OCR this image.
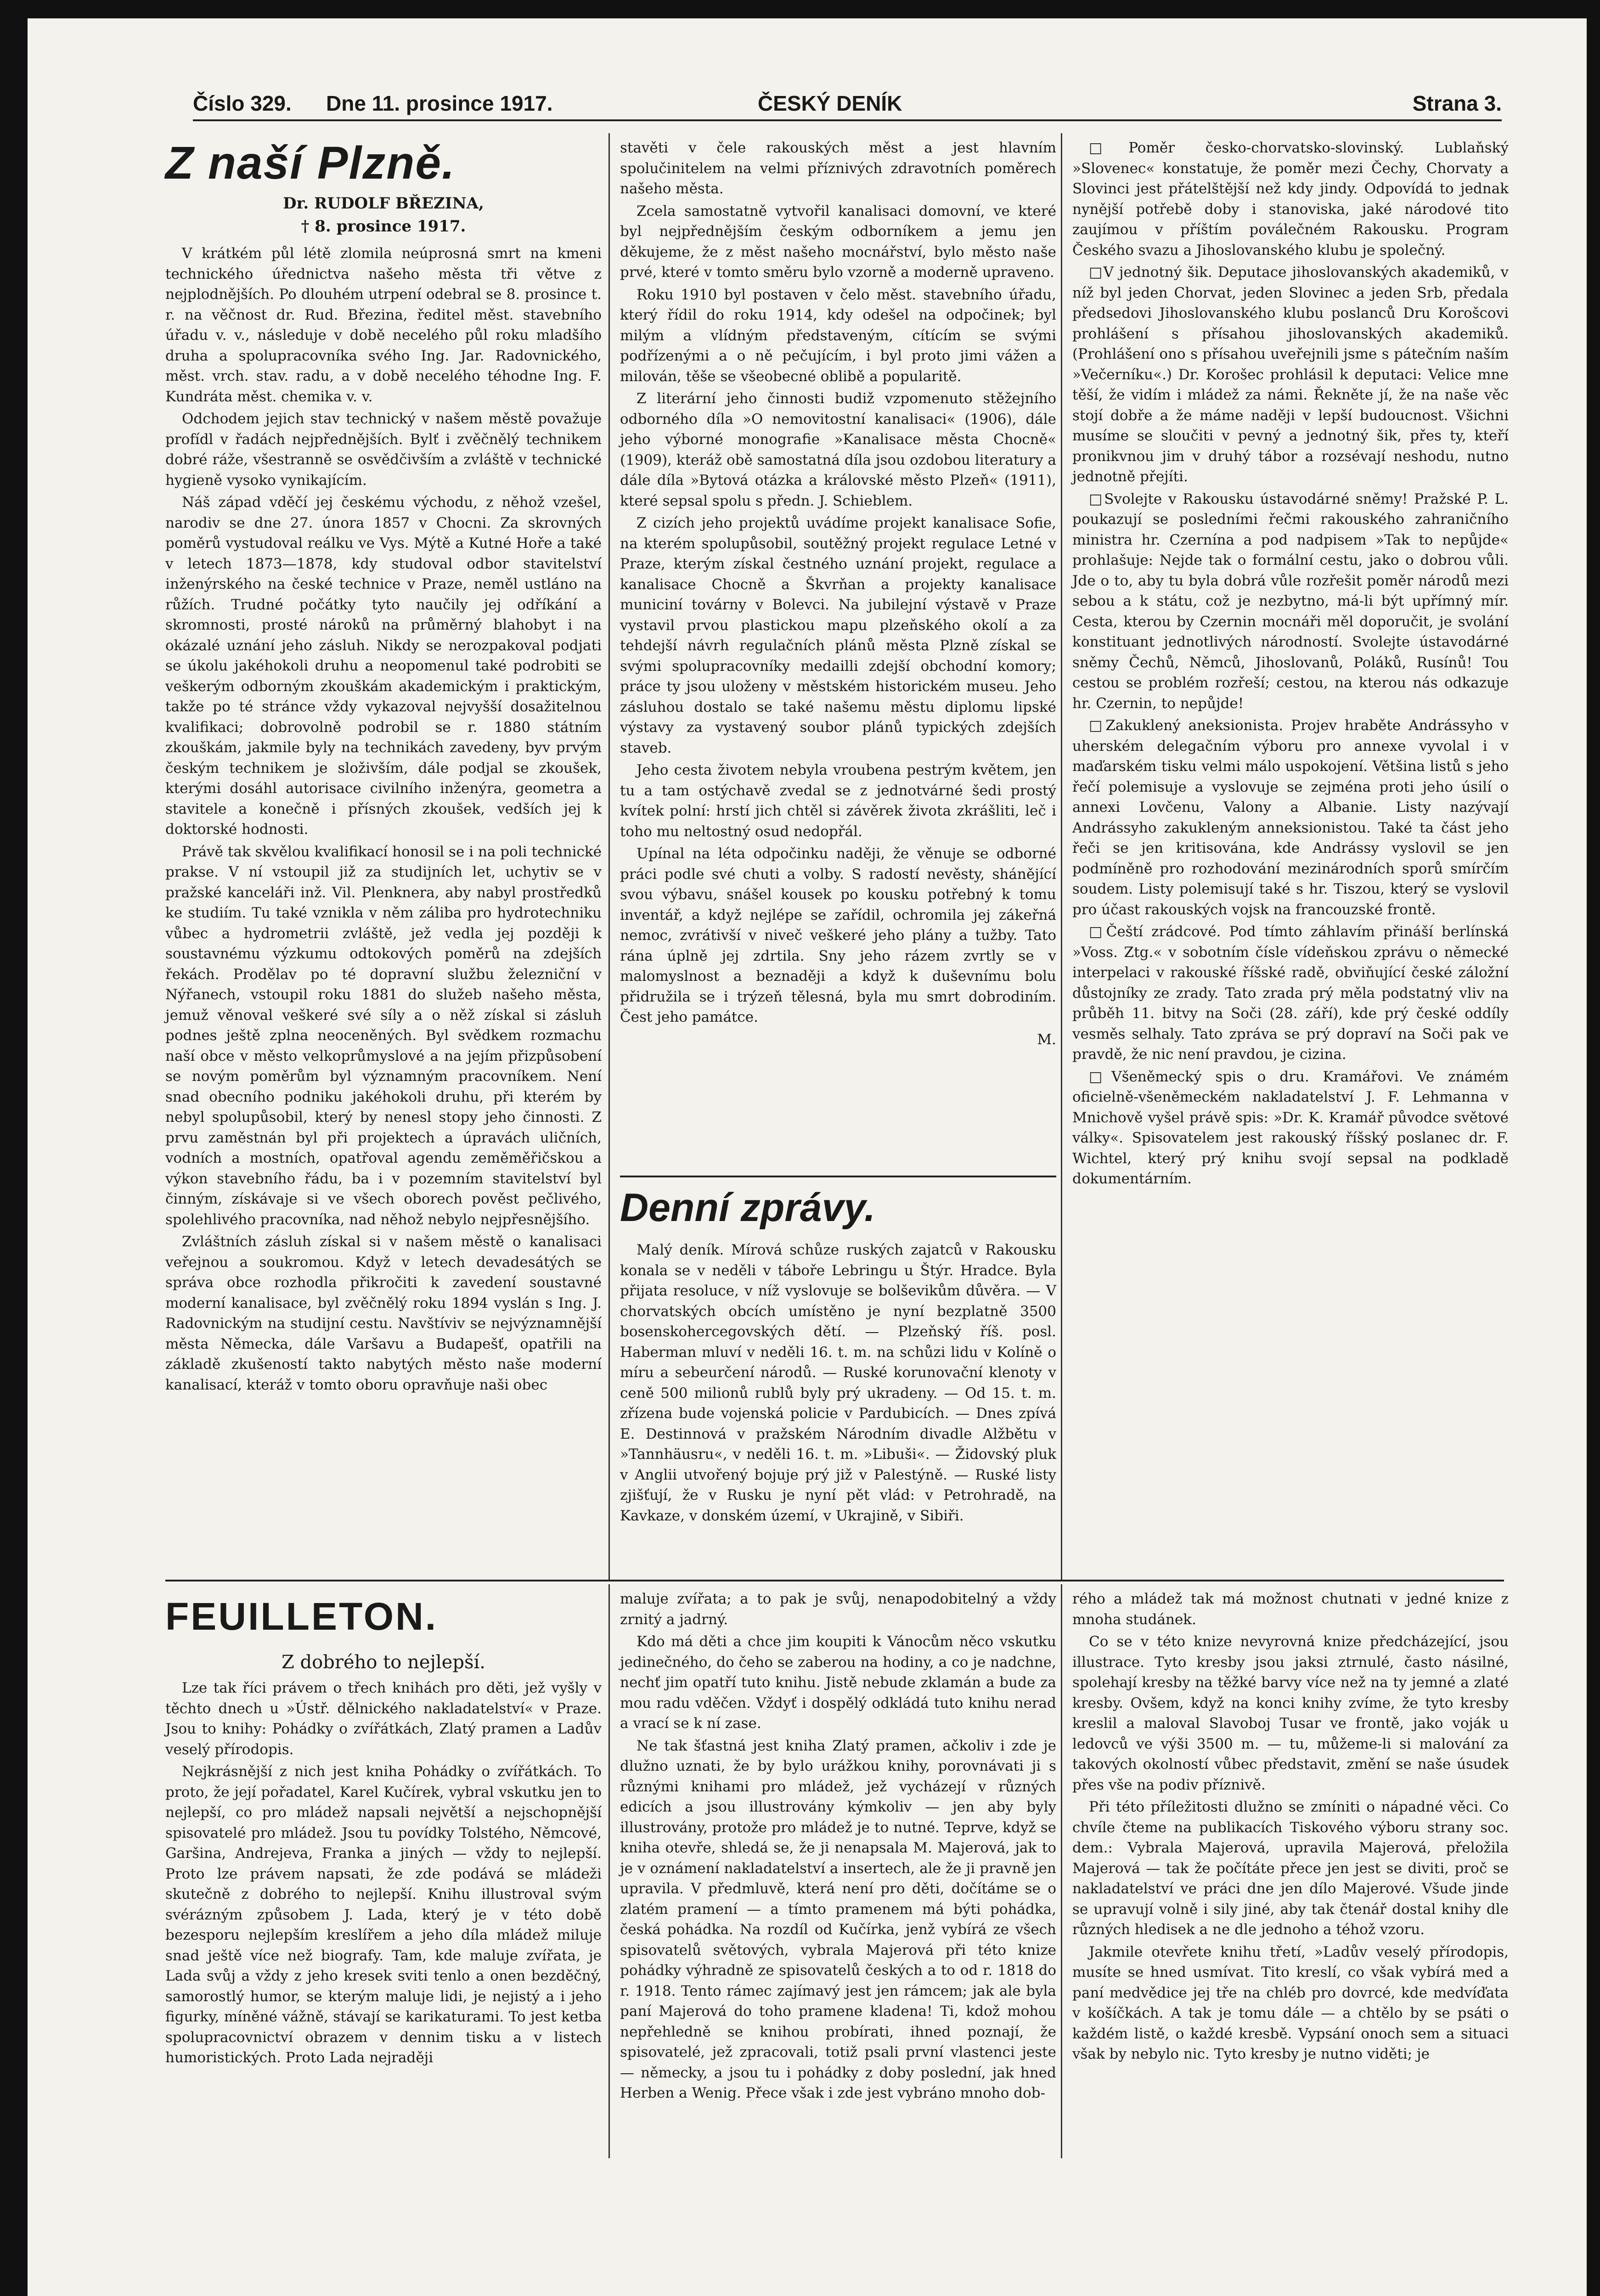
Číslo 329. Dne 11. prosince 1917.	ČESKÝ DENÍK	Strana 3.
Z naší Plzně.

Dr. RUDOLF BŘEZINA,

† 8. prosince 1917.

V krátkém půl létě zlomila neúprosná smrt na kmeni technického úřednictva našeho města tři větve z nejplodnějších. Po dlouhém utrpení odebral se 8. prosince t. r. na věčnost dr. Rud. Březina, ředitel měst. stavebního úřadu v. v., následuje v době necelého půl roku mladšího druha a spolupracovníka svého Ing. Jar. Radovnického, měst. vrch. stav. radu, a v době necelého téhodne Ing. F. Kundráta měst. chemika v. v.

Odchodem jejich stav technický v našem městě považuje profídl v řadách nejpřednějších. Bylť i zvěčnělý technikem dobré ráže, všestranně se osvědčivším a zvláště v technické hygieně vysoko vynikajícím.

Náš západ vděčí jej českému východu, z něhož vzešel, narodiv se dne 27. února 1857 v Chocni. Za skrovných poměrů vystudoval reálku ve Vys. Mýtě a Kutné Hoře a také v letech 1873—1878, kdy studoval odbor stavitelství inženýrského na české technice v Praze, neměl ustláno na růžích. Trudné počátky tyto naučily jej odříkání a skromnosti, prosté nároků na průměrný blahobyt i na okázalé uznání jeho zásluh. Nikdy se nerozpakoval podjati se úkolu jakéhokoli druhu a neopomenul také podrobiti se veškerým odborným zkouškám akademickým i praktickým, takže po té stránce vždy vykazoval nejvyšší dosažitelnou kvalifikaci; dobrovolně podrobil se r. 1880 státním zkouškám, jakmile byly na technikách zavedeny, byv prvým českým technikem je složivším, dále podjal se zkoušek, kterými dosáhl autorisace civilního inženýra, geometra a stavitele a konečně i přísných zkoušek, vedších jej k doktorské hodnosti.

Právě tak skvělou kvalifikací honosil se i na poli technické prakse. V ní vstoupil již za studijních let, uchytiv se v pražské kanceláři inž. Vil. Plenknera, aby nabyl prostředků ke studiím. Tu také vznikla v něm záliba pro hydrotechniku vůbec a hydrometrii zvláště, jež vedla jej později k soustavnému výzkumu odtokových poměrů na zdejších řekách. Prodělav po té dopravní službu železniční v Nýřanech, vstoupil roku 1881 do služeb našeho města, jemuž věnoval veškeré své síly a o něž získal si zásluh podnes ještě zplna neoceněných. Byl svědkem rozmachu naší obce v město velkoprůmyslové a na jejím přizpůsobení se novým poměrům byl významným pracovníkem. Není snad obecního podniku jakéhokoli druhu, při kterém by nebyl spolupůsobil, který by nenesl stopy jeho činnosti. Z prvu zaměstnán byl při projektech a úpravách uličních, vodních a mostních, opatřoval agendu zeměměřičskou a výkon stavebního řádu, ba i v pozemním stavitelství byl činným, získávaje si ve všech oborech pověst pečlivého, spolehlivého pracovníka, nad něhož nebylo nejpřesnějšího.

Zvláštních zásluh získal si v našem městě o kanalisaci veřejnou a soukromou. Když v letech devadesátých se správa obce rozhodla přikročiti k zavedení soustavné moderní kanalisace, byl zvěčnělý roku 1894 vyslán s Ing. J. Radovnickým na studijní cestu. Navštíviv se nejvýznamnější města Německa, dále Varšavu a Budapešť, opatřili na základě zkušeností takto nabytých město naše moderní kanalisací, kteráž v tomto oboru opravňuje naši obec

FEUILLETON.

Z dobrého to nejlepší.

Lze tak říci právem o třech knihách pro děti, jež vyšly v těchto dnech u »Ústř. dělnického nakladatelství« v Praze. Jsou to knihy: Pohádky o zvířátkách, Zlatý pramen a Ladův veselý přírodopis.

Nejkrásnější z nich jest kniha Pohádky o zvířátkách. To proto, že její pořadatel, Karel Kučírek, vybral vskutku jen to nejlepší, co pro mládež napsali největší a nejschopnější spisovatelé pro mládež. Jsou tu povídky Tolstého, Němcové, Garšina, Andrejeva, Franka a jiných — vždy to nejlepší. Proto lze právem napsati, že zde podává se mládeži skutečně z dobrého to nejlepší. Knihu illustroval svým svérázným způsobem J. Lada, který je v této době bezesporu nejlepším kreslířem a jeho díla mládež miluje snad ještě více než biografy. Tam, kde maluje zvířata, je Lada svůj a vždy z jeho kresek sviti tenlo a onen bezděčný, samorostlý humor, se kterým maluje lidi, je nejistý a i jeho figurky, míněné vážně, stávají se karikaturami. To jest ketba spolupracovnictví obrazem v dennim tisku a v listech humoristických. Proto Lada nejraději

stavěti v čele rakouských měst a jest hlavním spolučinitelem na velmi příznivých zdravotních poměrech našeho města.

Zcela samostatně vytvořil kanalisaci domovní, ve které byl nejpřednějším českým odborníkem a jemu jen děkujeme, že z měst našeho mocnářství, bylo město naše prvé, které v tomto směru bylo vzorně a moderně upraveno.

Roku 1910 byl postaven v čelo měst. stavebního úřadu, který řídil do roku 1914, kdy odešel na odpočinek; byl milým a vlídným představeným, cítícím se svými podřízenými a o ně pečujícím, i byl proto jimi vážen a milován, těše se všeobecné oblibě a popularitě.

Z literární jeho činnosti budiž vzpomenuto stěžejního odborného díla »O nemovitostní kanalisaci« (1906), dále jeho výborné monografie »Kanalisace města Chocně« (1909), kteráž obě samostatná díla jsou ozdobou literatury a dále díla »Bytová otázka a královské město Plzeň« (1911), které sepsal spolu s předn. J. Schieblem.

Z cizích jeho projektů uvádíme projekt kanalisace Sofie, na kterém spolupůsobil, soutěžný projekt regulace Letné v Praze, kterým získal čestného uznání projekt, regulace a kanalisace Chocně a Škvrňan a projekty kanalisace municiní továrny v Bolevci. Na jubilejní výstavě v Praze vystavil prvou plastickou mapu plzeňského okolí a za tehdejší návrh regulačních plánů města Plzně získal se svými spolupracovníky medailli zdejší obchodní komory; práce ty jsou uloženy v městském historickém museu. Jeho zásluhou dostalo se také našemu městu diplomu lipské výstavy za vystavený soubor plánů typických zdejších staveb.

Jeho cesta životem nebyla vroubena pestrým květem, jen tu a tam ostýchavě zvedal se z jednotvárné šedi prostý kvítek polní: hrstí jich chtěl si závěrek života zkrášliti, leč i toho mu neltostný osud nedopřál.

Upínal na léta odpočinku naději, že věnuje se odborné práci podle své chuti a volby. S radostí nevěsty, shánějící svou výbavu, snášel kousek po kousku potřebný k tomu inventář, a když nejlépe se zařídil, ochromila jej zákeřná nemoc, zvrátivší v niveč veškeré jeho plány a tužby. Tato rána úplně jej zdrtila. Sny jeho rázem zvrtly se v malomyslnost a beznaději a když k duševnímu bolu přidružila se i trýzeň tělesná, byla mu smrt dobrodiním. Čest jeho památce.

M.

Denní zprávy.

Malý deník. Mírová schůze ruských zajatců v Rakousku konala se v neděli v táboře Lebringu u Štýr. Hradce. Byla přijata resoluce, v níž vyslovuje se bolševikům důvěra. — V chorvatských obcích umístěno je nyní bezplatně 3500 bosenskohercegovských dětí. — Plzeňský říš. posl. Haberman mluví v neděli 16. t. m. na schůzi lidu v Kolíně o míru a sebeurčení národů. — Ruské korunovační klenoty v ceně 500 milionů rublů byly prý ukradeny. — Od 15. t. m. zřízena bude vojenská policie v Pardubicích. — Dnes zpívá E. Destinnová v pražském Národním divadle Alžbětu v »Tannhäusru«, v neděli 16. t. m. »Libuši«. — Židovský pluk v Anglii utvořený bojuje prý již v Palestýně. — Ruské listy zjišťují, že v Rusku je nyní pět vlád: v Petrohradě, na Kavkaze, v donském území, v Ukrajině, v Sibiři.

maluje zvířata; a to pak je svůj, nenapodobitelný a vždy zrnitý a jadrný.

Kdo má děti a chce jim koupiti k Vánocům něco vskutku jedinečného, do čeho se zaberou na hodiny, a co je nadchne, nechť jim opatří tuto knihu. Jistě nebude zklamán a bude za mou radu vděčen. Vždyť i dospělý odkládá tuto knihu nerad a vrací se k ní zase.

Ne tak šťastná jest kniha Zlatý pramen, ačkoliv i zde je dlužno uznati, že by bylo urážkou knihy, porovnávati ji s různými knihami pro mládež, jež vycházejí v různých edicích a jsou illustrovány kýmkoliv — jen aby byly illustrovány, protože pro mládež je to nutné. Teprve, když se kniha otevře, shledá se, že ji nenapsala M. Majerová, jak to je v oznámení nakladatelství a insertech, ale že ji pravně jen upravila. V předmluvě, která není pro děti, dočítáme se o zlatém pramení — a tímto pramenem má býti pohádka, česká pohádka. Na rozdíl od Kučírka, jenž vybírá ze všech spisovatelů světových, vybrala Majerová při této knize pohádky výhradně ze spisovatelů českých a to od r. 1818 do r. 1918. Tento rámec zajímavý jest jen rámcem; jak ale byla paní Majerová do toho pramene kladena! Ti, kdož mohou nepřehledně se knihou probírati, ihned poznají, že spisovatelé, jež zpracovali, totiž psali první vlastenci jeste — německy, a jsou tu i pohádky z doby poslední, jak hned Herben a Wenig. Přece však i zde jest vybráno mnoho dob-

□ Poměr česko-chorvatsko-slovinský. Lublaňský »Slovenec« konstatuje, že poměr mezi Čechy, Chorvaty a Slovinci jest přátelštější než kdy jindy. Odpovídá to jednak nynější potřebě doby i stanoviska, jaké národové tito zaujímou v příštím poválečném Rakousku. Program Českého svazu a Jihoslovanského klubu je společný.

□ V jednotný šik. Deputace jihoslovanských akademiků, v níž byl jeden Chorvat, jeden Slovinec a jeden Srb, předala předsedovi Jihoslovanského klubu poslanců Dru Korošcovi prohlášení s přísahou jihoslovanských akademiků. (Prohlášení ono s přísahou uveřejnili jsme s pátečním naším »Večerníku«.) Dr. Korošec prohlásil k deputaci: Velice mne těší, že vidím i mládež za námi. Řekněte jí, že na naše věc stojí dobře a že máme naději v lepší budoucnost. Všichni musíme se sloučiti v pevný a jednotný šik, přes ty, kteří pronikvnou jim v druhý tábor a rozsévají neshodu, nutno jednotně přejíti.

□ Svolejte v Rakousku ústavodárné sněmy! Pražské P. L. poukazují se posledními řečmi rakouského zahraničního ministra hr. Czernína a pod nadpisem »Tak to nepůjde« prohlašuje: Nejde tak o formální cestu, jako o dobrou vůli. Jde o to, aby tu byla dobrá vůle rozřešit poměr národů mezi sebou a k státu, což je nezbytno, má-li být upřímný mír. Cesta, kterou by Czernin mocnáři měl doporučit, je svolání konstituant jednotlivých národností. Svolejte ústavodárné sněmy Čechů, Němců, Jihoslovanů, Poláků, Rusínů! Tou cestou se problém rozřeší; cestou, na kterou nás odkazuje hr. Czernin, to nepůjde!

□ Zakuklený aneksionista. Projev hraběte Andrássyho v uherském delegačním výboru pro annexe vyvolal i v maďarském tisku velmi málo uspokojení. Většina listů s jeho řečí polemisuje a vyslovuje se zejména proti jeho úsilí o annexi Lovčenu, Valony a Albanie. Listy nazývají Andrássyho zakukleným anneksionistou. Také ta část jeho řeči se jen kritisována, kde Andrássy vyslovil se jen podmíněně pro rozhodování mezinárodních sporů smírčím soudem. Listy polemisují také s hr. Tiszou, který se vyslovil pro účast rakouských vojsk na francouzské frontě.

□ Čeští zrádcové. Pod tímto záhlavím přináší berlínská »Voss. Ztg.« v sobotním čísle vídeňskou zprávu o německé interpelaci v rakouské říšské radě, obviňující české záložní důstojníky ze zrady. Tato zrada prý měla podstatný vliv na průběh 11. bitvy na Soči (28. září), kde prý české oddíly vesměs selhaly. Tato zpráva se prý dopraví na Soči pak ve pravdě, že nic není pravdou, je cizina.

□ Všeněmecký spis o dru. Kramářovi. Ve známém oficielně-všeněmeckém nakladatelství J. F. Lehmanna v Mnichově vyšel právě spis: »Dr. K. Kramář původce světové války«. Spisovatelem jest rakouský říšský poslanec dr. F. Wichtel, který prý knihu svojí sepsal na podkladě dokumentárním.

rého a mládež tak má možnost chutnati v jedné knize z mnoha studánek.

Co se v této knize nevyrovná knize předcházející, jsou illustrace. Tyto kresby jsou jaksi ztrnulé, často násilné, spolehají kresby na těžké barvy více než na ty jemné a zlaté kresby. Ovšem, když na konci knihy zvíme, že tyto kresby kreslil a maloval Slavoboj Tusar ve frontě, jako voják u ledovců ve výši 3500 m. — tu, můžeme-li si malování za takových okolností vůbec představit, změní se naše úsudek přes vše na podiv příznivě.

Při této příležitosti dlužno se zmíniti o nápadné věci. Co chvíle čteme na publikacích Tiskového výboru strany soc. dem.: Vybrala Majerová, upravila Majerová, přeložila Majerová — tak že počítáte přece jen jest se diviti, proč se nakladatelství ve práci dne jen dílo Majerové. Všude jinde se upravují volně i sily jiné, aby tak čtenář dostal knihy dle různých hledisek a ne dle jednoho a téhož vzoru.

Jakmile otevřete knihu třetí, »Ladův veselý přírodopis, musíte se hned usmívat. Tito kreslí, co však vybírá med a paní medvědice jej tře na chléb pro dovrcé, kde medvíďata v košíčkách. A tak je tomu dále — a chtělo by se psáti o každém listě, o každé kresbě. Vypsání onoch sem a situaci však by nebylo nic. Tyto kresby je nutno viděti; je
